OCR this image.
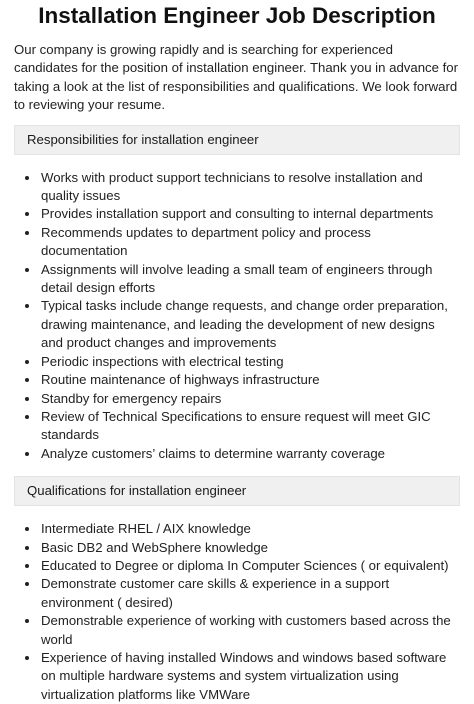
Installation Engineer Job Description

Our company is growing rapidly and is searching for experienced candidates for the position of installation engineer. Thank you in advance for taking a look at the list of responsibilities and qualifications. We look forward to reviewing your resume.

Responsibilities for installation engineer
• Works with product support technicians to resolve installation and quality issues
• Provides installation support and consulting to internal departments
• Recommends updates to department policy and process documentation
• Assignments will involve leading a small team of engineers through detail design efforts
• Typical tasks include change requests, and change order preparation, drawing maintenance, and leading the development of new designs and product changes and improvements
• Periodic inspections with electrical testing
• Routine maintenance of highways infrastructure
• Standby for emergency repairs
• Review of Technical Specifications to ensure request will meet GIC standards
• Analyze customers’ claims to determine warranty coverage
Qualifications for installation engineer
• Intermediate RHEL / AIX knowledge
• Basic DB2 and WebSphere knowledge
• Educated to Degree or diploma In Computer Sciences ( or equivalent)
• Demonstrate customer care skills & experience in a support environment ( desired)
• Demonstrable experience of working with customers based across the world
• Experience of having installed Windows and windows based software on multiple hardware systems and system virtualization using virtualization platforms like VMWare
